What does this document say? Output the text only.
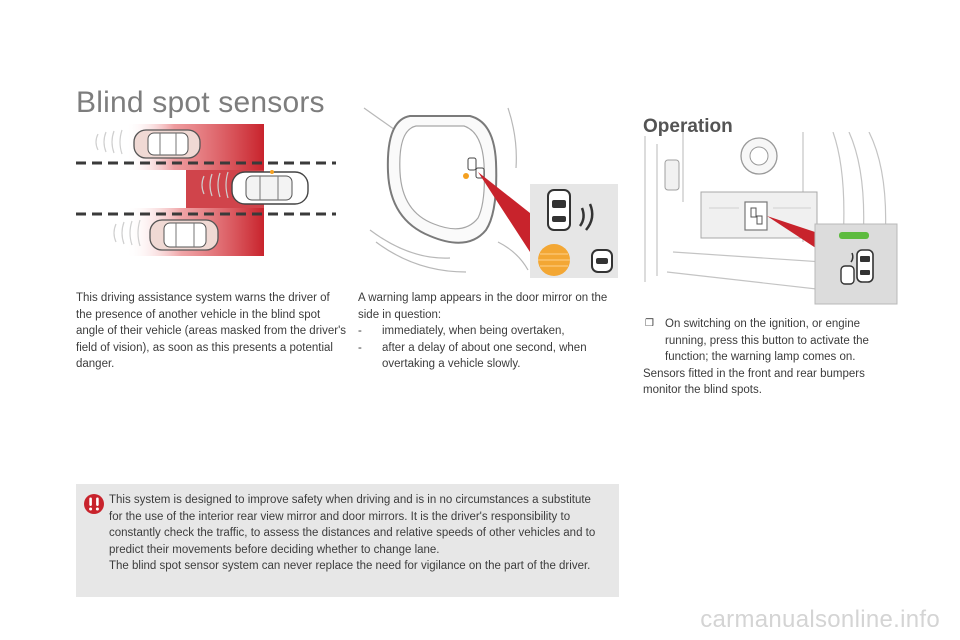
Blind spot sensors
Operation
This driving assistance system warns the driver of the presence of another vehicle in the blind spot angle of their vehicle (areas masked from the driver's field of vision), as soon as this presents a potential danger.
A warning lamp appears in the door mirror on the side in question:
- immediately, when being overtaken,
- after a delay of about one second, when overtaking a vehicle slowly.
❒ On switching on the ignition, or engine running, press this button to activate the function; the warning lamp comes on.
Sensors fitted in the front and rear bumpers monitor the blind spots.
This system is designed to improve safety when driving and is in no circumstances a substitute for the use of the interior rear view mirror and door mirrors. It is the driver's responsibility to constantly check the traffic, to assess the distances and relative speeds of other vehicles and to predict their movements before deciding whether to change lane.
The blind spot sensor system can never replace the need for vigilance on the part of the driver.
carmanualsonline.info
